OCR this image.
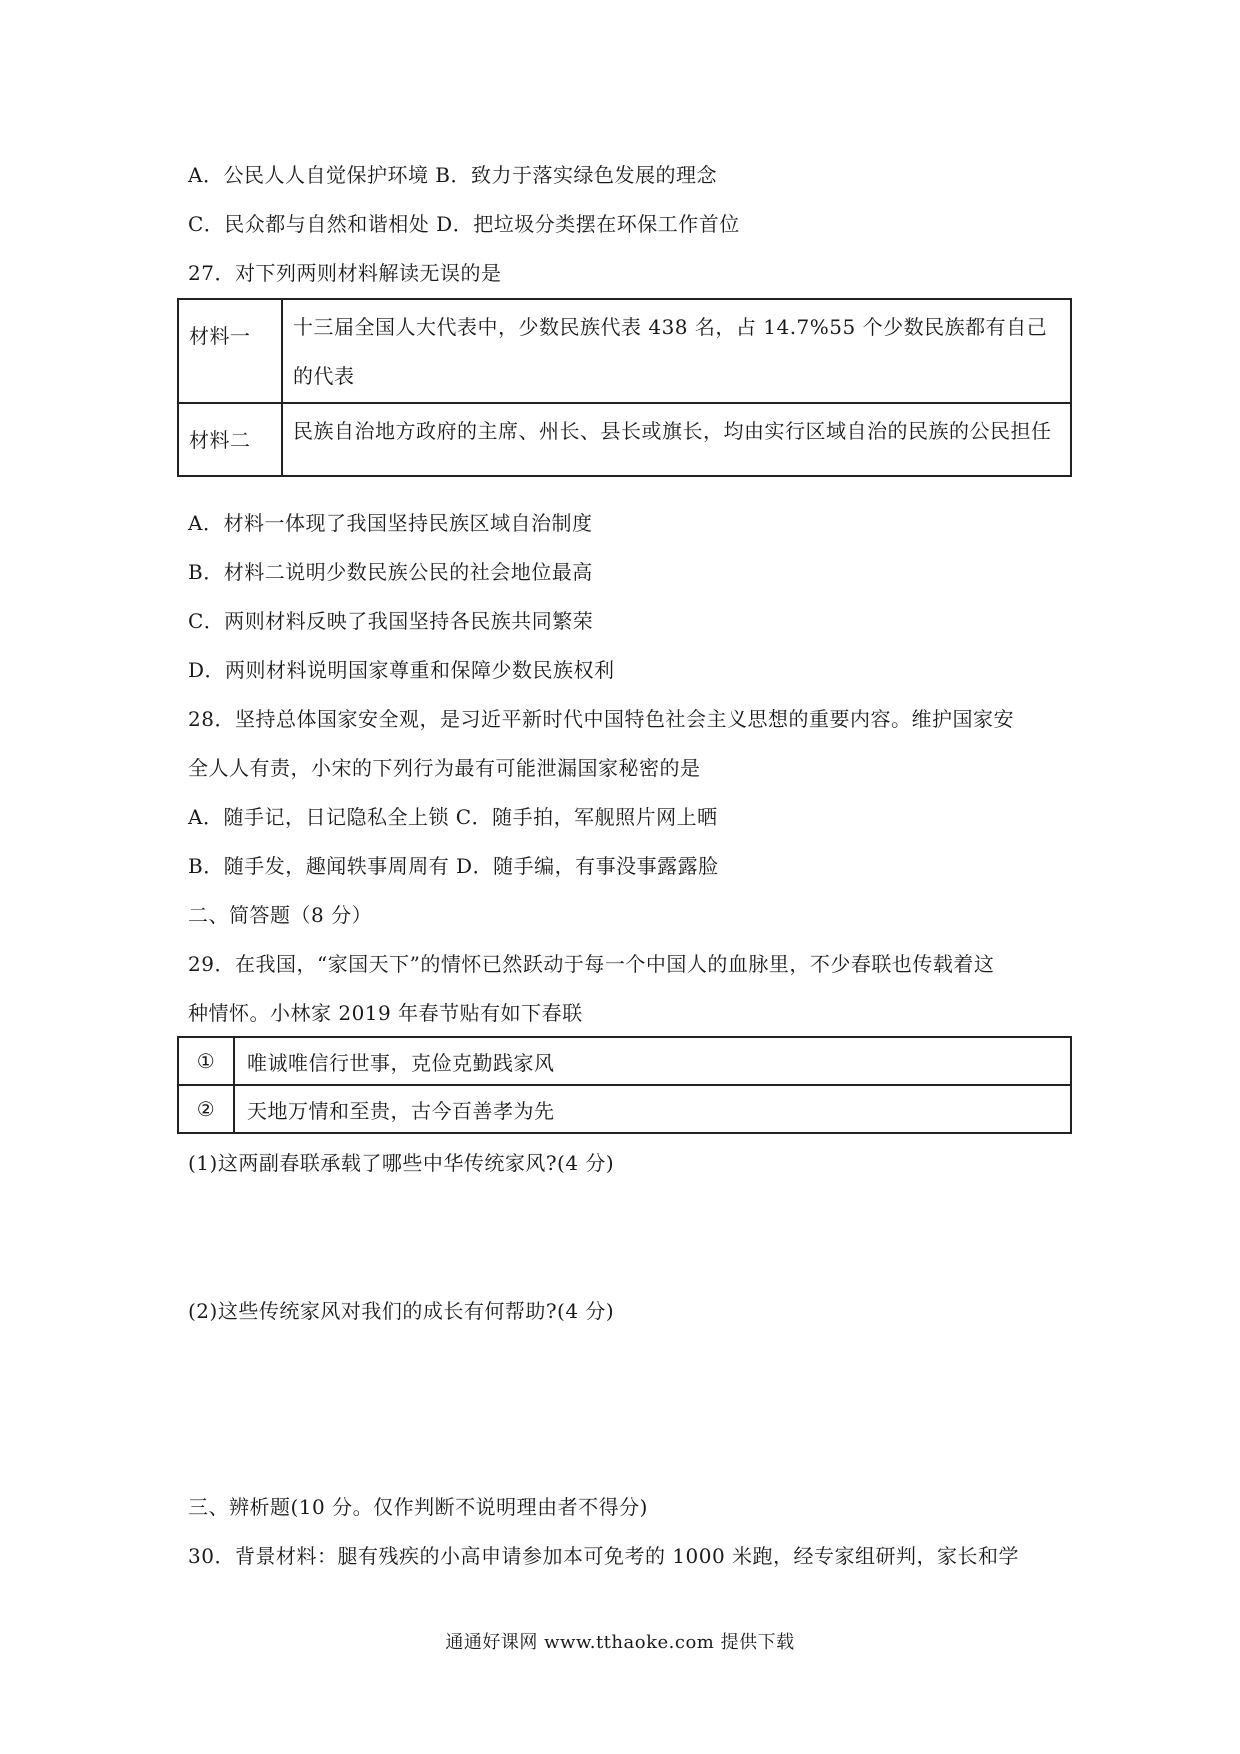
A．公民人人自觉保护环境 B．致力于落实绿色发展的理念
C．民众都与自然和谐相处 D．把垃圾分类摆在环保工作首位
27．对下列两则材料解读无误的是
材料一	十三届全国人大代表中，少数民族代表 438 名，占 14.7%55 个少数民族都有自己的代表
材料二	民族自治地方政府的主席、州长、县长或旗长，均由实行区域自治的民族的公民担任
A．材料一体现了我国坚持民族区域自治制度
B．材料二说明少数民族公民的社会地位最高
C．两则材料反映了我国坚持各民族共同繁荣
D．两则材料说明国家尊重和保障少数民族权利
28．坚持总体国家安全观，是习近平新时代中国特色社会主义思想的重要内容。维护国家安
全人人有责，小宋的下列行为最有可能泄漏国家秘密的是
A．随手记，日记隐私全上锁 C．随手拍，军舰照片网上晒
B．随手发，趣闻轶事周周有 D．随手编，有事没事露露脸
二、简答题（8 分）
29．在我国，“家国天下”的情怀已然跃动于每一个中国人的血脉里，不少春联也传载着这
种情怀。小林家 2019 年春节贴有如下春联
①	唯诚唯信行世事，克俭克勤践家风
②	天地万情和至贵，古今百善孝为先
(1)这两副春联承载了哪些中华传统家风?(4 分)
(2)这些传统家风对我们的成长有何帮助?(4 分)
三、辨析题(10 分。仅作判断不说明理由者不得分)
30．背景材料：腿有残疾的小高申请参加本可免考的 1000 米跑，经专家组研判，家长和学
通通好课网 www.tthaoke.com 提供下载
